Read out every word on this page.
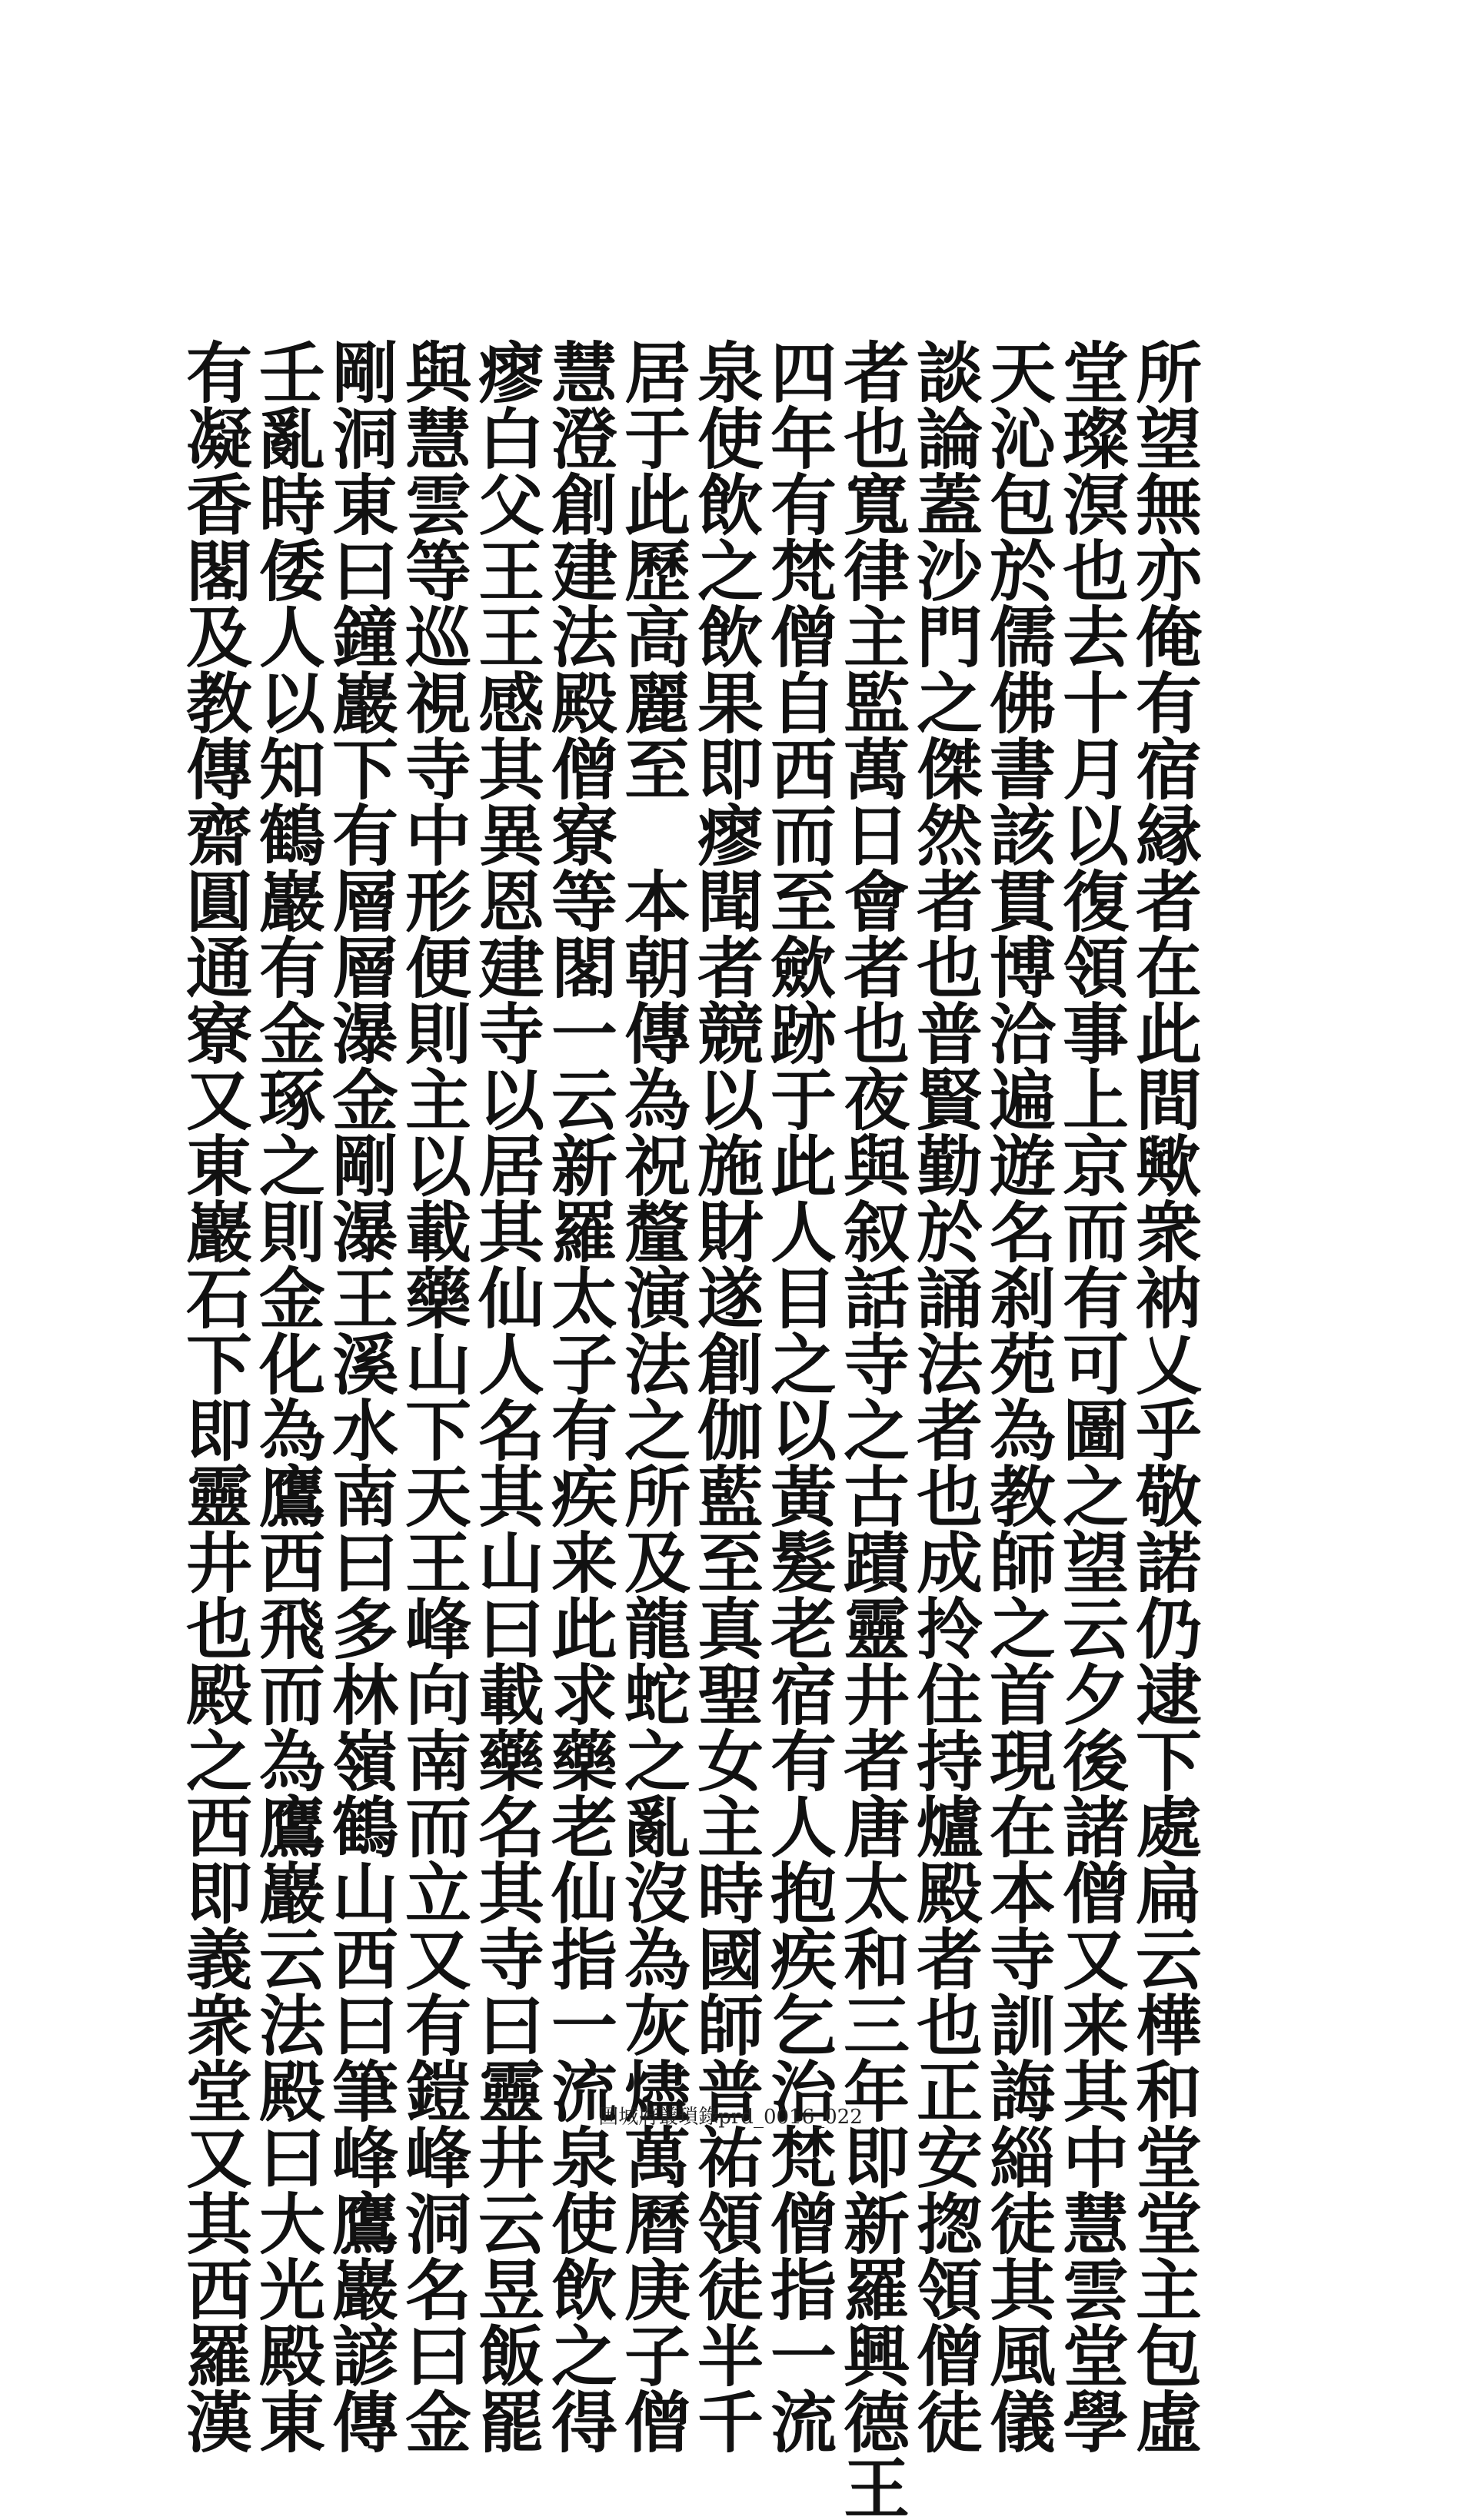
所望無亦俺有宿縁者在此間歟衆衲乂乎敬諾仍逮下處扁云樺和堂堂主包虛
堂璨溟也去十月以復領事上京而有可圖之望云夕後諸僧又来其中慧雲堂學
天沁包於儒佛書該貫博洽遍遊名刹苑為教師之首現在本寺訓誨緇徒其風儀
談論蓋沙門之傑然者也普賢勤於誦法者也成拎住持爐殿者也正安揔領僧徒
者也寬律主監萬日會者也夜與叙話寺之古蹟靈井者唐太和三年即新羅興德王
四年有梵僧自西而至歛跡于此人目之以黃髮老宿有人抱疾乞治梵僧指一流
泉使飲之飲果即瘳聞者競以施財遂創伽藍至真聖女主時國師普祐領徒半千
居于此歷高麗至　本朝傳為祝釐演法之所及龍蛇之亂沒為灰燼萬曆庚子僧
慧澄創建法殿僧寮等閣一云新羅太子有疾来此求藥老仙指一流泉使飲之得
瘳白父王王感其異恩建寺以居其仙人名其山曰載藥名其寺曰靈井云昱飯罷
與慧雲等巡視寺中形便則主以載藥山下天王峰向南而立又有鎧峰洞名曰金
剛洞東曰鐘巖下有層層瀑金剛瀑王溪水南曰多林嶺鶴山西曰筆峰鷹巖諺傳
壬亂時倭人以知鶴巖有金琢之則金化為鷹西飛而為鷹巖云法殿曰大光殿東
有凝香閣及教傳齋圓通寮又東巖石下即靈井也殿之西即義衆堂又其西羅漢	固城府叢瑣錄prd_0016_022
